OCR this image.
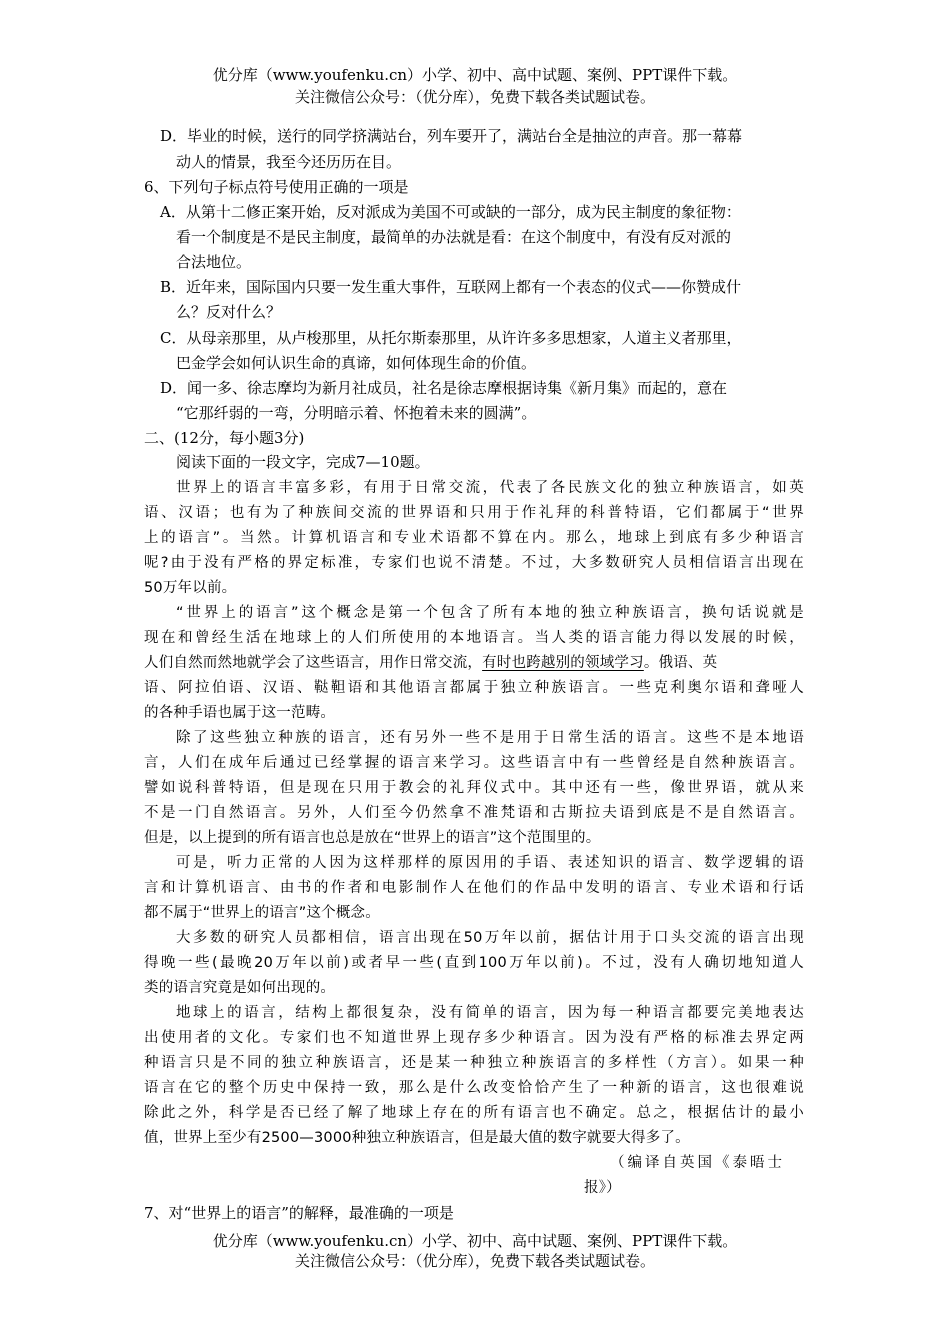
优分库（www.youfenku.cn）小学、初中、高中试题、案例、PPT课件下载。
关注微信公众号：（优分库），免费下载各类试题试卷。
D．毕业的时候，送行的同学挤满站台，列车要开了，满站台全是抽泣的声音。那一幕幕
动人的情景，我至今还历历在目。
6、下列句子标点符号使用正确的一项是
A．从第十二修正案开始，反对派成为美国不可或缺的一部分，成为民主制度的象征物：
看一个制度是不是民主制度，最简单的办法就是看：在这个制度中，有没有反对派的
合法地位。
B．近年来，国际国内只要一发生重大事件，互联网上都有一个表态的仪式——你赞成什
么？反对什么？
C．从母亲那里，从卢梭那里，从托尔斯泰那里，从许许多多思想家，人道主义者那里，
巴金学会如何认识生命的真谛，如何体现生命的价值。
D．闻一多、徐志摩均为新月社成员，社名是徐志摩根据诗集《新月集》而起的，意在
“它那纤弱的一弯，分明暗示着、怀抱着未来的圆满”。
二、(12分，每小题3分)
阅读下面的一段文字，完成7—10题。
世界上的语言丰富多彩，有用于日常交流，代表了各民族文化的独立种族语言，如英
语、汉语；也有为了种族间交流的世界语和只用于作礼拜的科普特语，它们都属于“世界
上的语言”。当然。计算机语言和专业术语都不算在内。那么，地球上到底有多少种语言
呢?由于没有严格的界定标准，专家们也说不清楚。不过，大多数研究人员相信语言出现在
50万年以前。
“世界上的语言”这个概念是第一个包含了所有本地的独立种族语言，换句话说就是
现在和曾经生活在地球上的人们所使用的本地语言。当人类的语言能力得以发展的时候，
人们自然而然地就学会了这些语言，用作日常交流，有时也跨越别的领域学习。俄语、英
语、阿拉伯语、汉语、鞑靼语和其他语言都属于独立种族语言。一些克利奥尔语和聋哑人
的各种手语也属于这一范畴。
除了这些独立种族的语言，还有另外一些不是用于日常生活的语言。这些不是本地语
言，人们在成年后通过已经掌握的语言来学习。这些语言中有一些曾经是自然种族语言。
譬如说科普特语，但是现在只用于教会的礼拜仪式中。其中还有一些，像世界语，就从来
不是一门自然语言。另外，人们至今仍然拿不准梵语和古斯拉夫语到底是不是自然语言。
但是，以上提到的所有语言也总是放在“世界上的语言”这个范围里的。
可是，听力正常的人因为这样那样的原因用的手语、表述知识的语言、数学逻辑的语
言和计算机语言、由书的作者和电影制作人在他们的作品中发明的语言、专业术语和行话
都不属于“世界上的语言”这个概念。
大多数的研究人员都相信，语言出现在50万年以前，据估计用于口头交流的语言出现
得晚一些(最晚20万年以前)或者早一些(直到100万年以前)。不过，没有人确切地知道人
类的语言究竟是如何出现的。
地球上的语言，结构上都很复杂，没有简单的语言，因为每一种语言都要完美地表达
出使用者的文化。专家们也不知道世界上现存多少种语言。因为没有严格的标准去界定两
种语言只是不同的独立种族语言，还是某一种独立种族语言的多样性（方言）。如果一种
语言在它的整个历史中保持一致，那么是什么改变恰恰产生了一种新的语言，这也很难说
除此之外，科学是否已经了解了地球上存在的所有语言也不确定。总之，根据估计的最小
值，世界上至少有2500—3000种独立种族语言，但是最大值的数字就要大得多了。
（编译自英国《泰晤士
报》）
7、对“世界上的语言”的解释，最准确的一项是
优分库（www.youfenku.cn）小学、初中、高中试题、案例、PPT课件下载。
关注微信公众号：（优分库），免费下载各类试题试卷。
